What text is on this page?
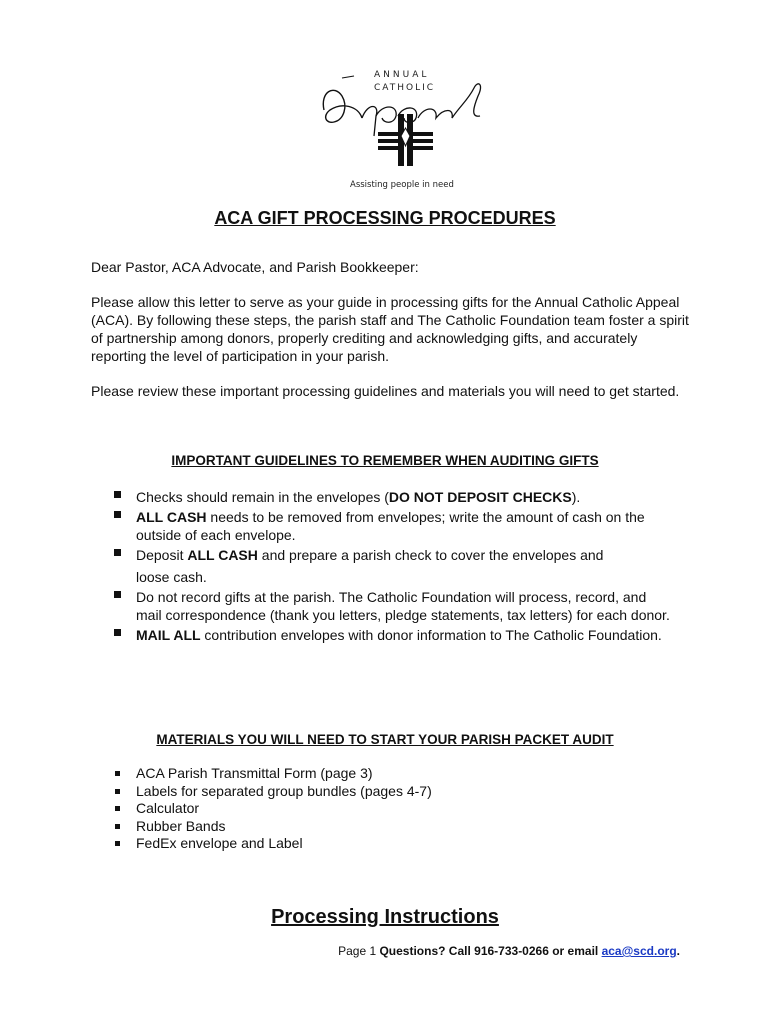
ANNUAL
CATHOLIC
Assisting people in need
ACA GIFT PROCESSING PROCEDURES

Dear Pastor, ACA Advocate, and Parish Bookkeeper:

Please allow this letter to serve as your guide in processing gifts for the Annual Catholic Appeal (ACA). By following these steps, the parish staff and The Catholic Foundation team foster a spirit of partnership among donors, properly crediting and acknowledging gifts, and accurately reporting the level of participation in your parish.

Please review these important processing guidelines and materials you will need to get started.

IMPORTANT GUIDELINES TO REMEMBER WHEN AUDITING GIFTS
Checks should remain in the envelopes (DO NOT DEPOSIT CHECKS).
ALL CASH needs to be removed from envelopes; write the amount of cash on the outside of each envelope.
Deposit ALL CASH and prepare a parish check to cover the envelopes and
loose cash.
Do not record gifts at the parish. The Catholic Foundation will process, record, and mail correspondence (thank you letters, pledge statements, tax letters) for each donor.
MAIL ALL contribution envelopes with donor information to The Catholic Foundation.
MATERIALS YOU WILL NEED TO START YOUR PARISH PACKET AUDIT
ACA Parish Transmittal Form (page 3)
Labels for separated group bundles (pages 4-7)
Calculator
Rubber Bands
FedEx envelope and Label
Processing Instructions
Page 1 Questions? Call 916-733-0266 or email aca@scd.org.
